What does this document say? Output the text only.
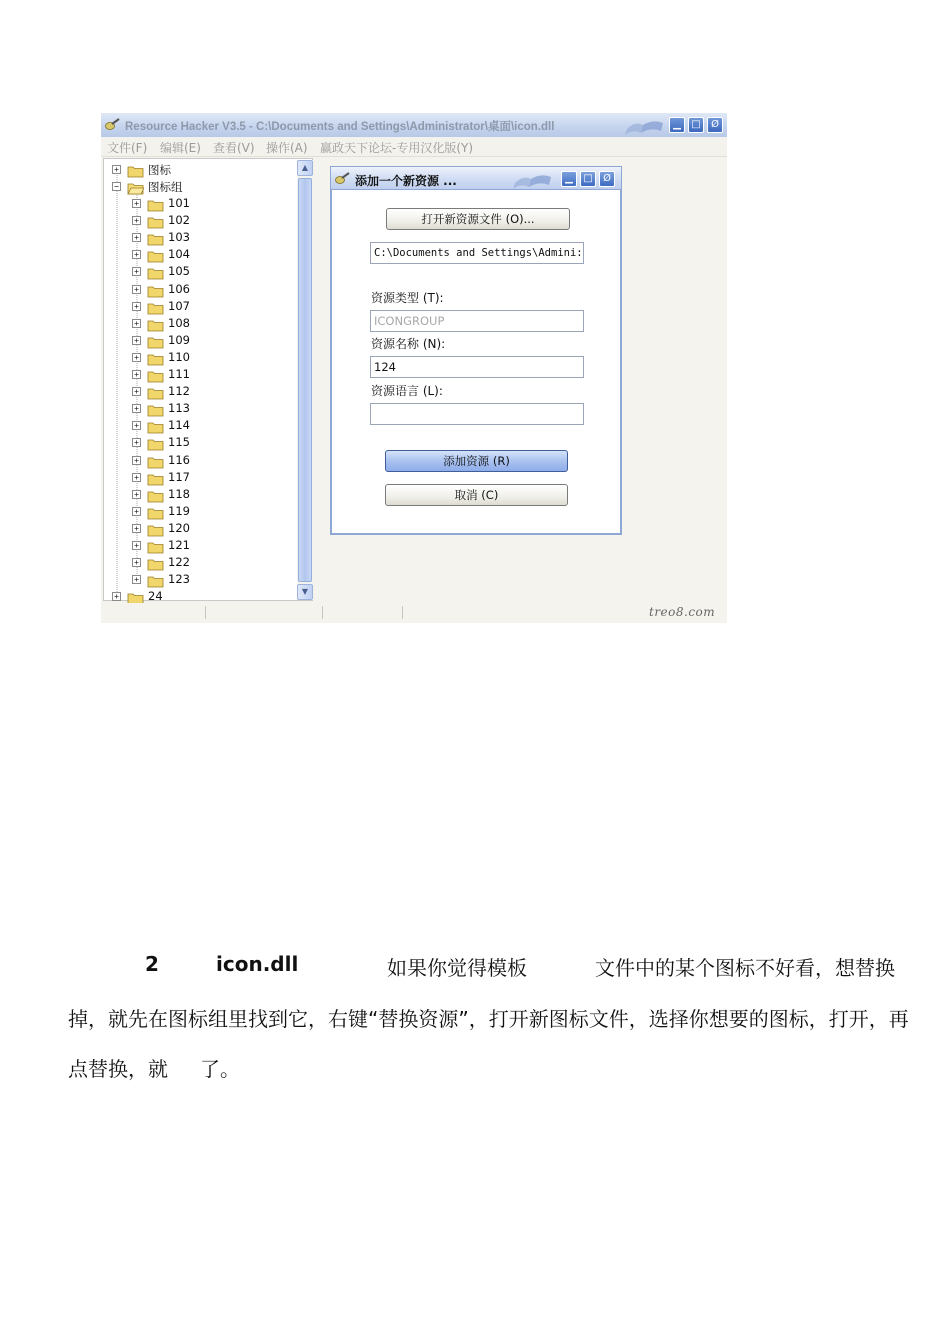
Resource Hacker V3.5 - C:\Documents and Settings\Administrator\桌面\icon.dll	▁	□	Ø
文件(F) 编辑(E) 查看(V) 操作(A) 赢政天下论坛-专用汉化版(Y)
+	图标
−	图标组
+	101
+	102
+	103
+	104
+	105
+	106
+	107
+	108
+	109
+	110
+	111
+	112
+	113
+	114
+	115
+	116
+	117
+	118
+	119
+	120
+	121
+	122
+	123
+	24
▲
▼
treo8.com
添加一个新资源 ...	▁	□	Ø
打开新资源文件 (O)...
C:\Documents and Settings\Admini:
资源类型 (T):
ICONGROUP
资源名称 (N):
124
资源语言 (L):
添加资源 (R)
取消 (C)
2	icon.dll	如果你觉得模板	文件中的某个图标不好看，想替换
掉，就先在图标组里找到它，右键“替换资源”，打开新图标文件，选择你想要的图标，打开，再
点替换，就 了。
